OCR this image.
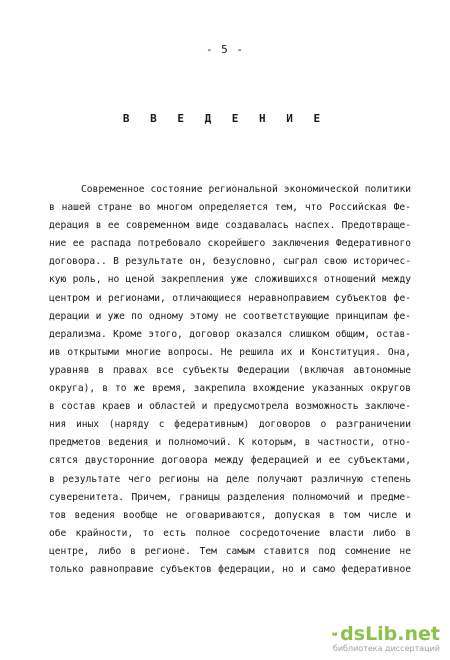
- 5 -
В В Е Д Е Н И Е
Современное состояние региональной экономической политики
в нашей стране во многом определяется тем, что Российская Фе-
дерация в ее современном виде создавалась наспех. Предотвраще-
ние ее распада потребовало скорейшего заключения Федеративного
договора.. В результате он, безусловно, сыграл свою историчес-
кую роль, но ценой закрепления уже сложившихся отношений между
центром и регионами, отличающиеся неравноправием субъектов фе-
дерации и уже по одному этому не соответствующие принципам фе-
дерализма. Кроме этого, договор оказался слишком общим, остав-
ив открытыми многие вопросы. Не решила их и Конституция. Она,
уравняв в правах все субъекты Федерации (включая автономные
округа), в то же время, закрепила вхождение указанных округов
в состав краев и областей и предусмотрела возможность заключе-
ния иных (наряду с федеративным) договоров о разграничении
предметов ведения и полномочий. К которым, в частности, отно-
сятся двусторонние договора между федерацией и ее субъектами,
в результате чего регионы на деле получают различную степень
суверенитета. Причем, границы разделения полномочий и предме-
тов ведения вообще не оговариваются, допуская в том числе и
обе крайности, то есть полное сосредоточение власти либо в
центре, либо в регионе. Тем самым ставится под сомнение не
только равноправие субъектов федерации, но и само федеративное
dsLib.net
библиотека диссертаций
